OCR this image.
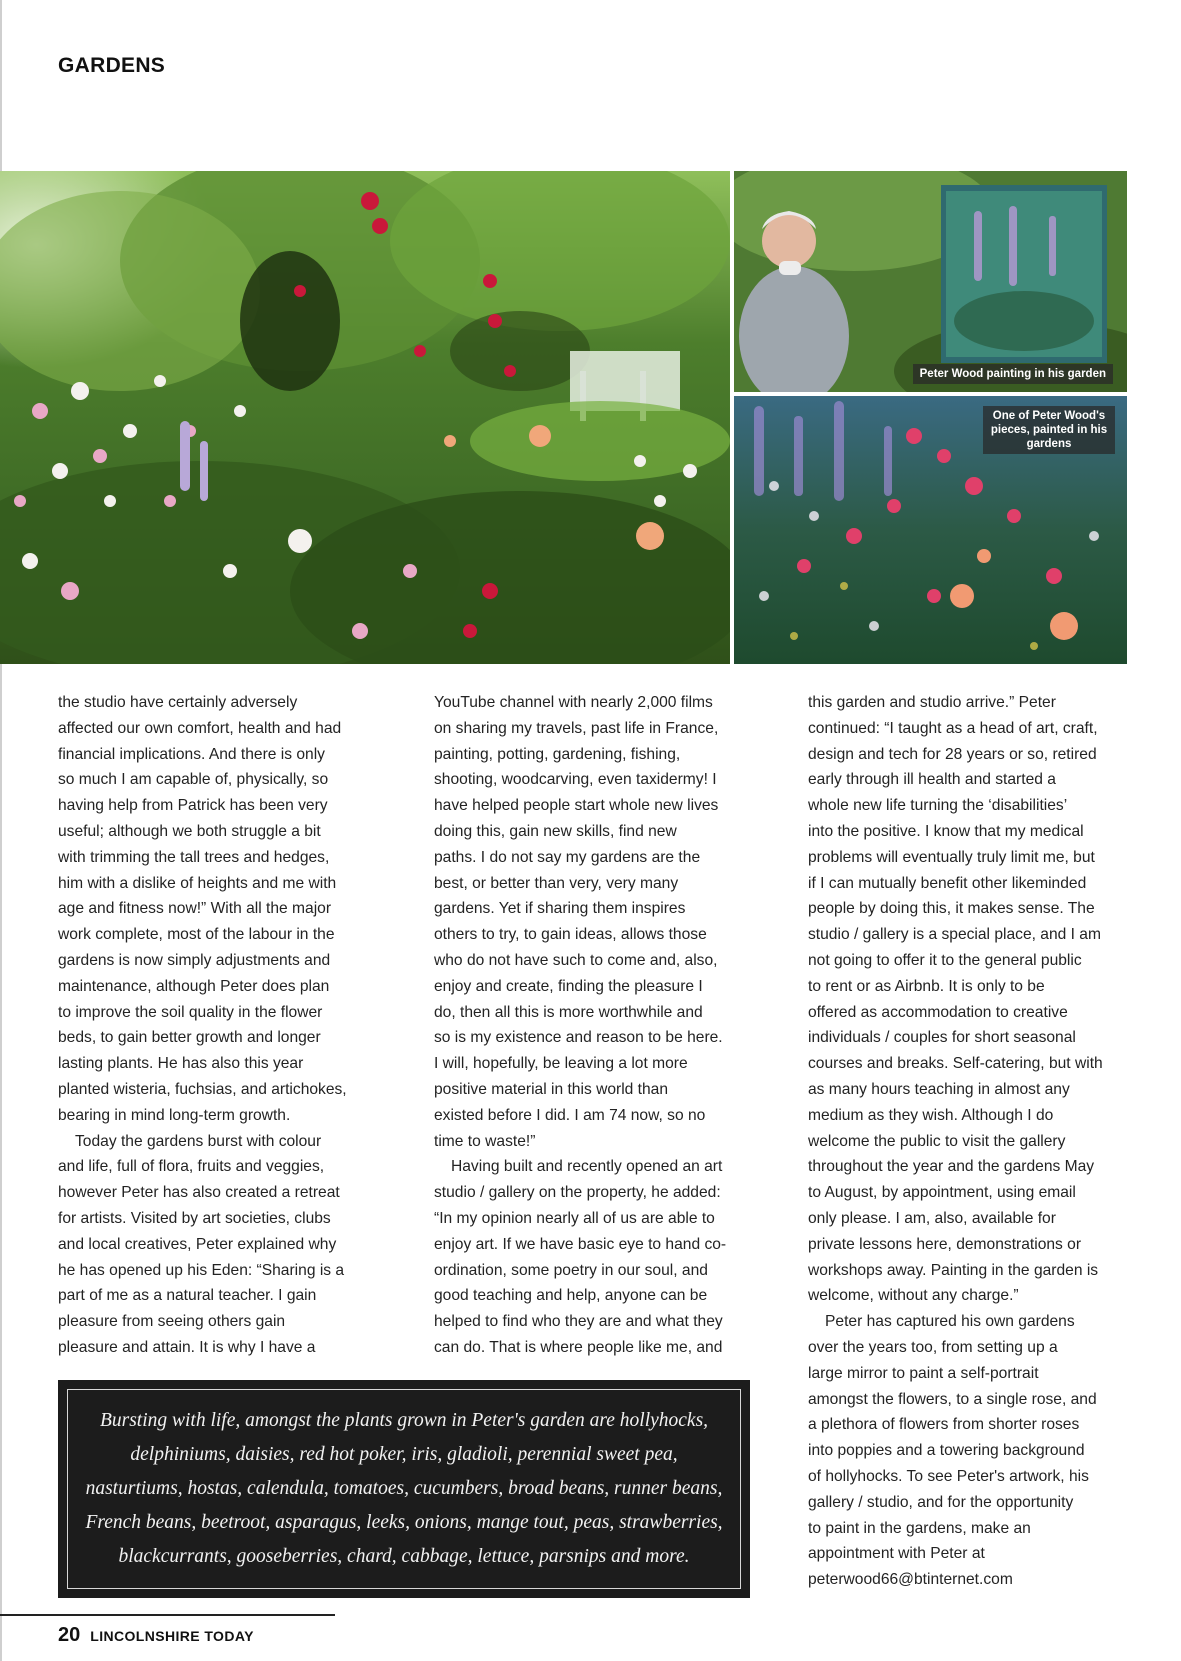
GARDENS
Peter Wood painting in his garden
One of Peter Wood's pieces, painted in his gardens

the studio have certainly adversely
affected our own comfort, health and had
financial implications. And there is only
so much I am capable of, physically, so
having help from Patrick has been very
useful; although we both struggle a bit
with trimming the tall trees and hedges,
him with a dislike of heights and me with
age and fitness now!” With all the major
work complete, most of the labour in the
gardens is now simply adjustments and
maintenance, although Peter does plan
to improve the soil quality in the flower
beds, to gain better growth and longer
lasting plants. He has also this year
planted wisteria, fuchsias, and artichokes,
bearing in mind long-term growth.

Today the gardens burst with colour
and life, full of flora, fruits and veggies,
however Peter has also created a retreat
for artists. Visited by art societies, clubs
and local creatives, Peter explained why
he has opened up his Eden: “Sharing is a
part of me as a natural teacher. I gain
pleasure from seeing others gain
pleasure and attain. It is why I have a

YouTube channel with nearly 2,000 films
on sharing my travels, past life in France,
painting, potting, gardening, fishing,
shooting, woodcarving, even taxidermy! I
have helped people start whole new lives
doing this, gain new skills, find new
paths. I do not say my gardens are the
best, or better than very, very many
gardens. Yet if sharing them inspires
others to try, to gain ideas, allows those
who do not have such to come and, also,
enjoy and create, finding the pleasure I
do, then all this is more worthwhile and
so is my existence and reason to be here.
I will, hopefully, be leaving a lot more
positive material in this world than
existed before I did. I am 74 now, so no
time to waste!”

Having built and recently opened an art
studio / gallery on the property, he added:
“In my opinion nearly all of us are able to
enjoy art. If we have basic eye to hand co-
ordination, some poetry in our soul, and
good teaching and help, anyone can be
helped to find who they are and what they
can do. That is where people like me, and

this garden and studio arrive.” Peter
continued: “I taught as a head of art, craft,
design and tech for 28 years or so, retired
early through ill health and started a
whole new life turning the ‘disabilities’
into the positive. I know that my medical
problems will eventually truly limit me, but
if I can mutually benefit other likeminded
people by doing this, it makes sense. The
studio / gallery is a special place, and I am
not going to offer it to the general public
to rent or as Airbnb. It is only to be
offered as accommodation to creative
individuals / couples for short seasonal
courses and breaks. Self-catering, but with
as many hours teaching in almost any
medium as they wish. Although I do
welcome the public to visit the gallery
throughout the year and the gardens May
to August, by appointment, using email
only please. I am, also, available for
private lessons here, demonstrations or
workshops away. Painting in the garden is
welcome, without any charge.”

Peter has captured his own gardens
over the years too, from setting up a
large mirror to paint a self-portrait
amongst the flowers, to a single rose, and
a plethora of flowers from shorter roses
into poppies and a towering background
of hollyhocks. To see Peter's artwork, his
gallery / studio, and for the opportunity
to paint in the gardens, make an
appointment with Peter at
peterwood66@btinternet.com

Bursting with life, amongst the plants grown in Peter's garden are hollyhocks,
delphiniums, daisies, red hot poker, iris, gladioli, perennial sweet pea,
nasturtiums, hostas, calendula, tomatoes, cucumbers, broad beans, runner beans,
French beans, beetroot, asparagus, leeks, onions, mange tout, peas, strawberries,
blackcurrants, gooseberries, chard, cabbage, lettuce, parsnips and more.
20 LINCOLNSHIRE TODAY
